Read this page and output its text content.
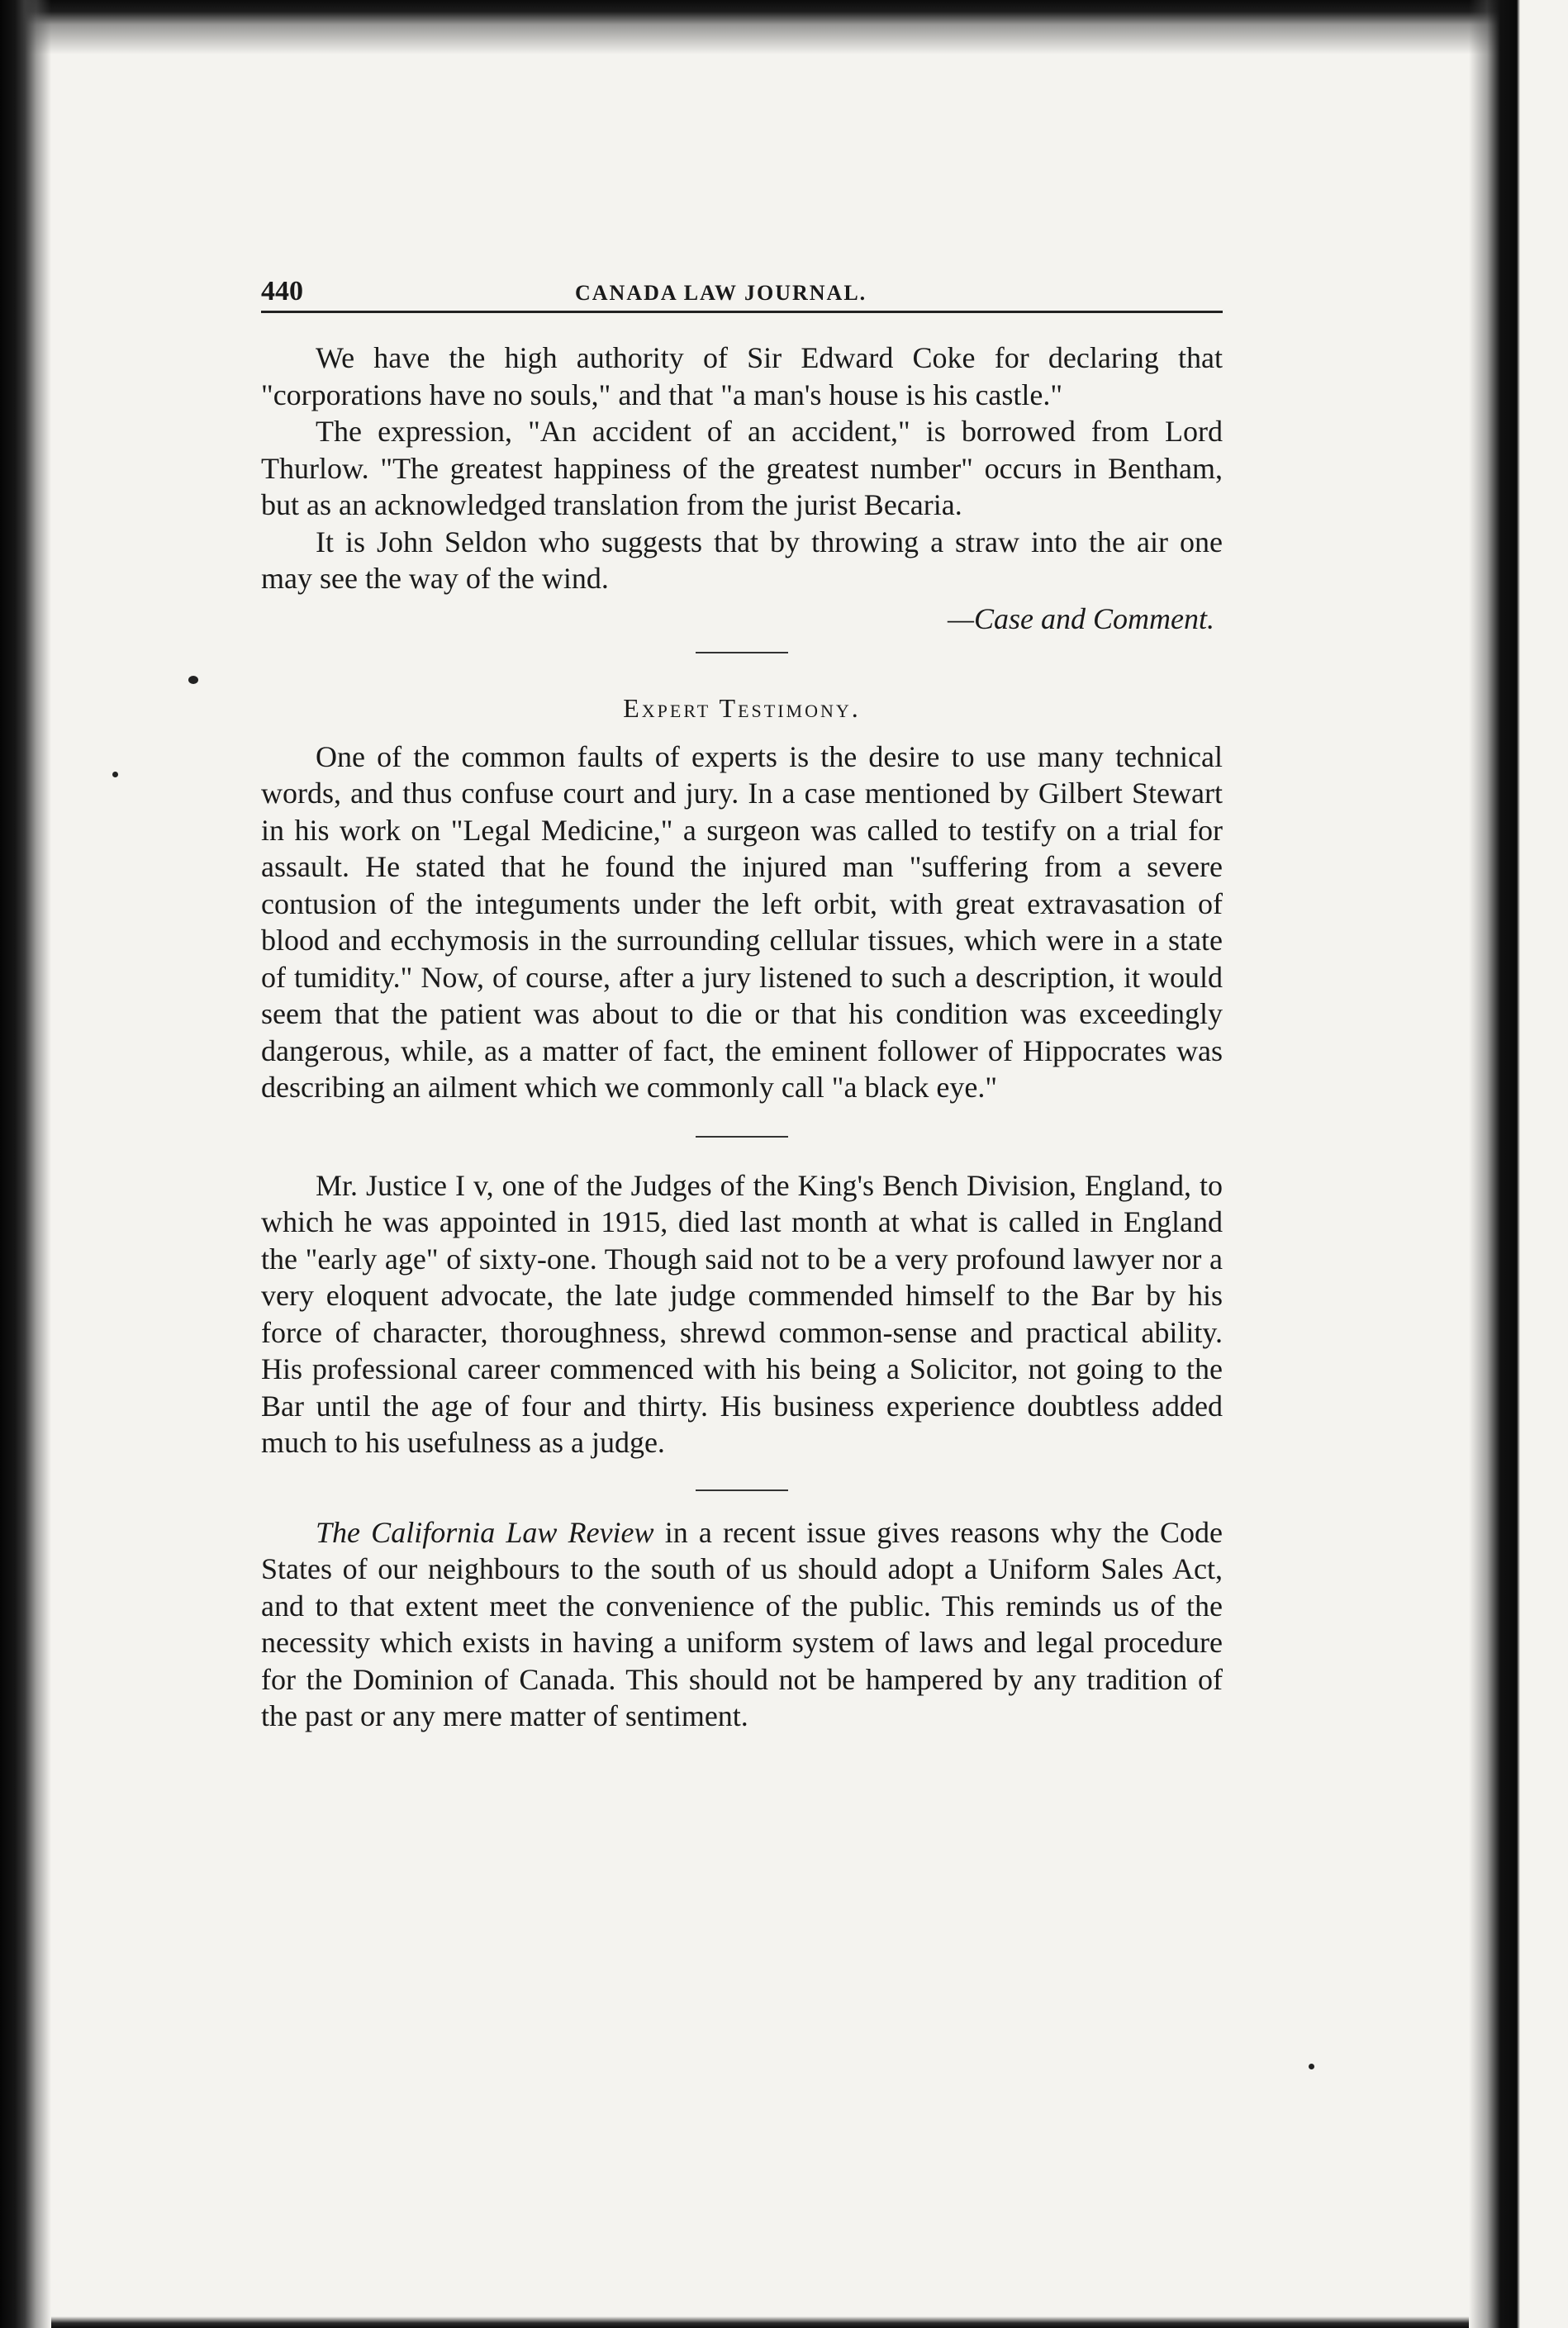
440	CANADA LAW JOURNAL.

We have the high authority of Sir Edward Coke for declaring that "corporations have no souls," and that "a man's house is his castle."

The expression, "An accident of an accident," is borrowed from Lord Thurlow. "The greatest happiness of the greatest number" occurs in Bentham, but as an acknowledged translation from the jurist Becaria.

It is John Seldon who suggests that by throwing a straw into the air one may see the way of the wind.

—Case and Comment.

Expert Testimony.

One of the common faults of experts is the desire to use many technical words, and thus confuse court and jury. In a case mentioned by Gilbert Stewart in his work on "Legal Medicine," a surgeon was called to testify on a trial for assault. He stated that he found the injured man "suffering from a severe contusion of the integuments under the left orbit, with great extravasation of blood and ecchymosis in the surrounding cellular tissues, which were in a state of tumidity." Now, of course, after a jury listened to such a description, it would seem that the patient was about to die or that his condition was exceedingly dangerous, while, as a matter of fact, the eminent follower of Hippocrates was describing an ailment which we commonly call "a black eye."

Mr. Justice I v, one of the Judges of the King's Bench Division, England, to which he was appointed in 1915, died last month at what is called in England the "early age" of sixty-one. Though said not to be a very profound lawyer nor a very eloquent advocate, the late judge commended himself to the Bar by his force of character, thoroughness, shrewd common-sense and practical ability. His professional career commenced with his being a Solicitor, not going to the Bar until the age of four and thirty. His business experience doubtless added much to his usefulness as a judge.

The California Law Review in a recent issue gives reasons why the Code States of our neighbours to the south of us should adopt a Uniform Sales Act, and to that extent meet the convenience of the public. This reminds us of the necessity which exists in having a uniform system of laws and legal procedure for the Dominion of Canada. This should not be hampered by any tradition of the past or any mere matter of sentiment.
